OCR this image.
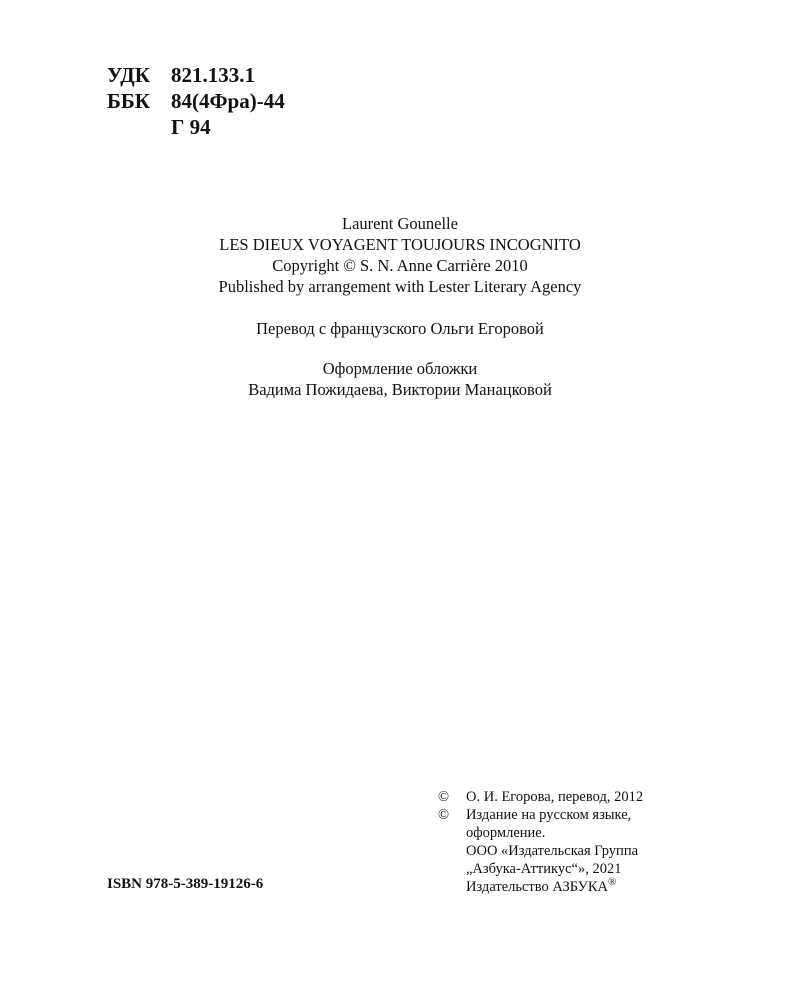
УДК	821.133.1
ББК	84(4Фра)-44
Г 94
Laurent Gounelle
LES DIEUX VOYAGENT TOUJOURS INCOGNITO
Copyright © S. N. Anne Carrière 2010
Published by arrangement with Lester Literary Agency
Перевод с французского Ольги Егоровой
Оформление обложки
Вадима Пожидаева, Виктории Манацковой
ISBN 978-5-389-19126-6
©	О. И. Егорова, перевод, 2012
©	Издание на русском языке,
оформление.
ООО «Издательская Группа
„Азбука-Аттикус“», 2021
Издательство АЗБУКА®
